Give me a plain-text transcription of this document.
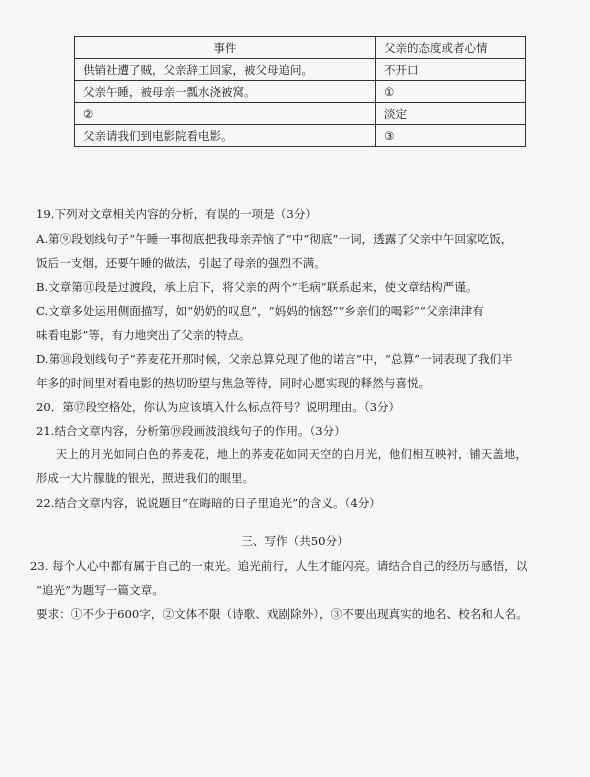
事件	父亲的态度或者心情
供销社遭了贼，父亲辞工回家，被父母追问。	不开口
父亲午睡，被母亲一瓢水浇被窝。	①
②	淡定
父亲请我们到电影院看电影。	③
19.下列对文章相关内容的分析，有误的一项是（3分）
A.第⑨段划线句子“午睡一事彻底把我母亲弄恼了”中“彻底”一词，透露了父亲中午回家吃饭，
饭后一支烟，还要午睡的做法，引起了母亲的强烈不满。
B.文章第⑪段是过渡段，承上启下，将父亲的两个“毛病”联系起来，使文章结构严谨。
C.文章多处运用侧面描写，如“奶奶的叹息”，“妈妈的恼怒”“乡亲们的喝彩”“父亲津津有
味看电影”等，有力地突出了父亲的特点。
D.第⑱段划线句子“荞麦花开那时候，父亲总算兑现了他的诺言”中，“总算”一词表现了我们半
年多的时间里对看电影的热切盼望与焦急等待，同时心愿实现的释然与喜悦。
20．第⑰段空格处，你认为应该填入什么标点符号？说明理由。（3分）
21.结合文章内容，分析第⑲段画波浪线句子的作用。（3分）
天上的月光如同白色的荞麦花，地上的荞麦花如同天空的白月光，他们相互映衬，铺天盖地，
形成一大片朦胧的银光，照进我们的眼里。
22.结合文章内容，说说题目“在晦暗的日子里追光”的含义。（4分）
三、写作（共50分）
23. 每个人心中都有属于自己的一束光。追光前行，人生才能闪亮。请结合自己的经历与感悟，以
“追光”为题写一篇文章。
要求：①不少于600字，②文体不限（诗歌、戏剧除外），③不要出现真实的地名、校名和人名。
